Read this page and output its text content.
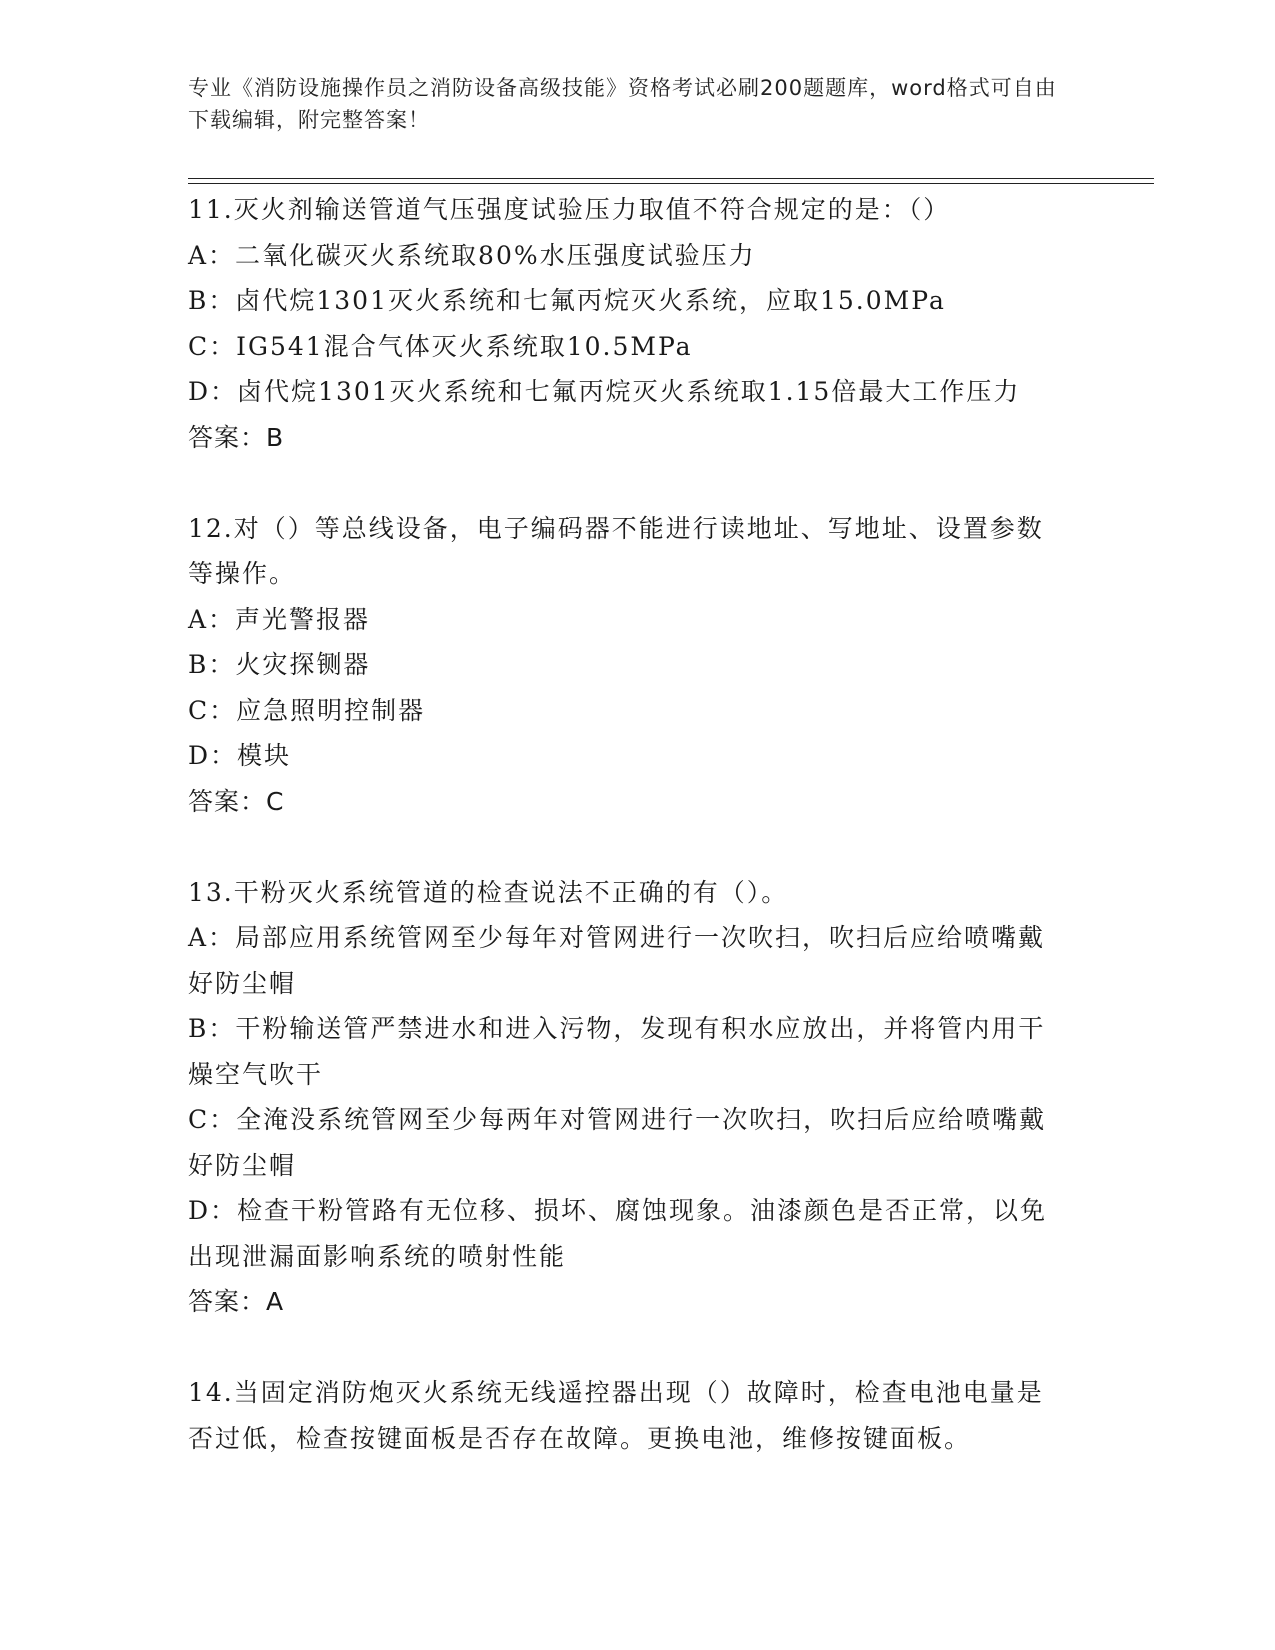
专业《消防设施操作员之消防设备高级技能》资格考试必刷200题题库，word格式可自由下载编辑，附完整答案！

11.灭火剂输送管道气压强度试验压力取值不符合规定的是：（）

A：二氧化碳灭火系统取80%水压强度试验压力

B：卤代烷1301灭火系统和七氟丙烷灭火系统，应取15.0MPa

C：IG541混合气体灭火系统取10.5MPa

D：卤代烷1301灭火系统和七氟丙烷灭火系统取1.15倍最大工作压力

答案：B

12.对（）等总线设备，电子编码器不能进行读地址、写地址、设置参数等操作。

A：声光警报器

B：火灾探铡器

C：应急照明控制器

D：模块

答案：C

13.干粉灭火系统管道的检查说法不正确的有（）。

A：局部应用系统管网至少每年对管网进行一次吹扫，吹扫后应给喷嘴戴好防尘帽

B：干粉输送管严禁进水和进入污物，发现有积水应放出，并将管内用干燥空气吹干

C：全淹没系统管网至少每两年对管网进行一次吹扫，吹扫后应给喷嘴戴好防尘帽

D：检查干粉管路有无位移、损坏、腐蚀现象。油漆颜色是否正常，以免出现泄漏面影响系统的喷射性能

答案：A

14.当固定消防炮灭火系统无线遥控器出现（）故障时，检查电池电量是否过低，检查按键面板是否存在故障。更换电池，维修按键面板。
